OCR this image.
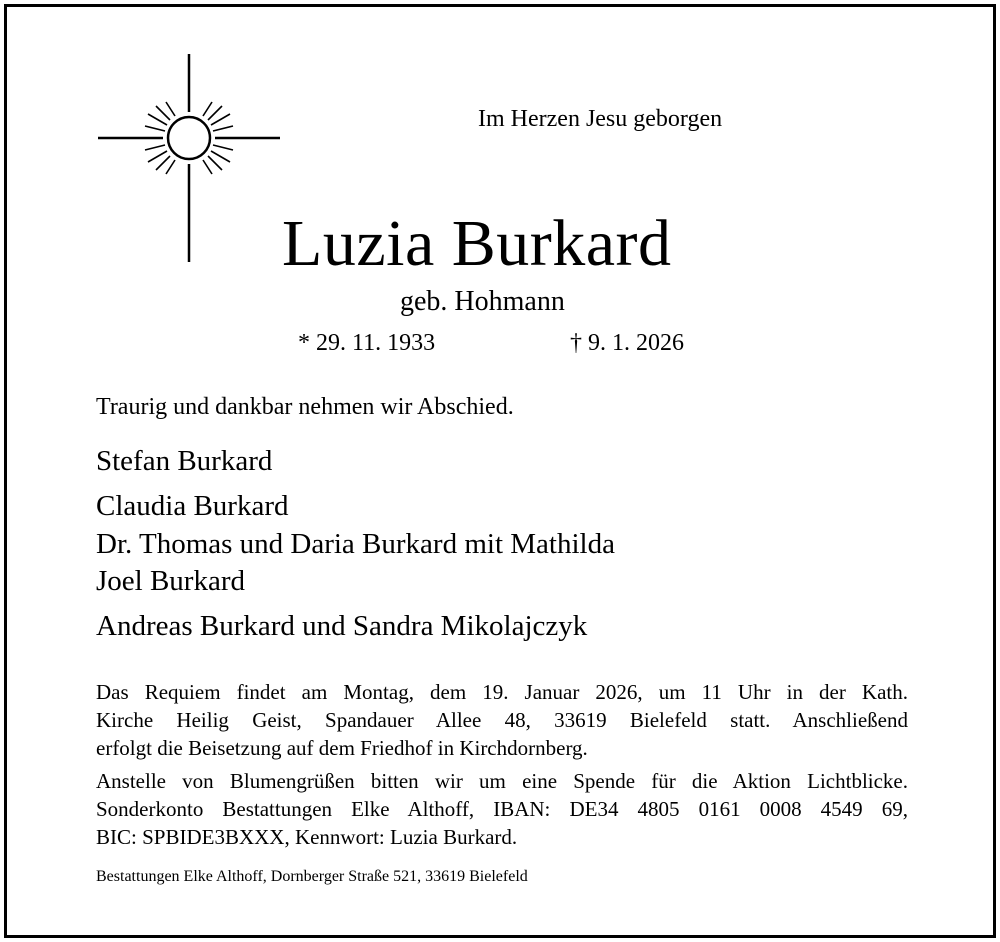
Im Herzen Jesu geborgen
Luzia Burkard
geb. Hohmann
* 29. 11. 1933	† 9. 1. 2026
Traurig und dankbar nehmen wir Abschied.
Stefan Burkard
Claudia Burkard
Dr. Thomas und Daria Burkard mit Mathilda
Joel Burkard
Andreas Burkard und Sandra Mikolajczyk
Das Requiem findet am Montag, dem 19. Januar 2026, um 11 Uhr in der Kath.
Kirche Heilig Geist, Spandauer Allee 48, 33619 Bielefeld statt. Anschließend
erfolgt die Beisetzung auf dem Friedhof in Kirchdornberg.
Anstelle von Blumengrüßen bitten wir um eine Spende für die Aktion Lichtblicke.
Sonderkonto Bestattungen Elke Althoff, IBAN: DE34 4805 0161 0008 4549 69,
BIC: SPBIDE3BXXX, Kennwort: Luzia Burkard.
Bestattungen Elke Althoff, Dornberger Straße 521, 33619 Bielefeld
